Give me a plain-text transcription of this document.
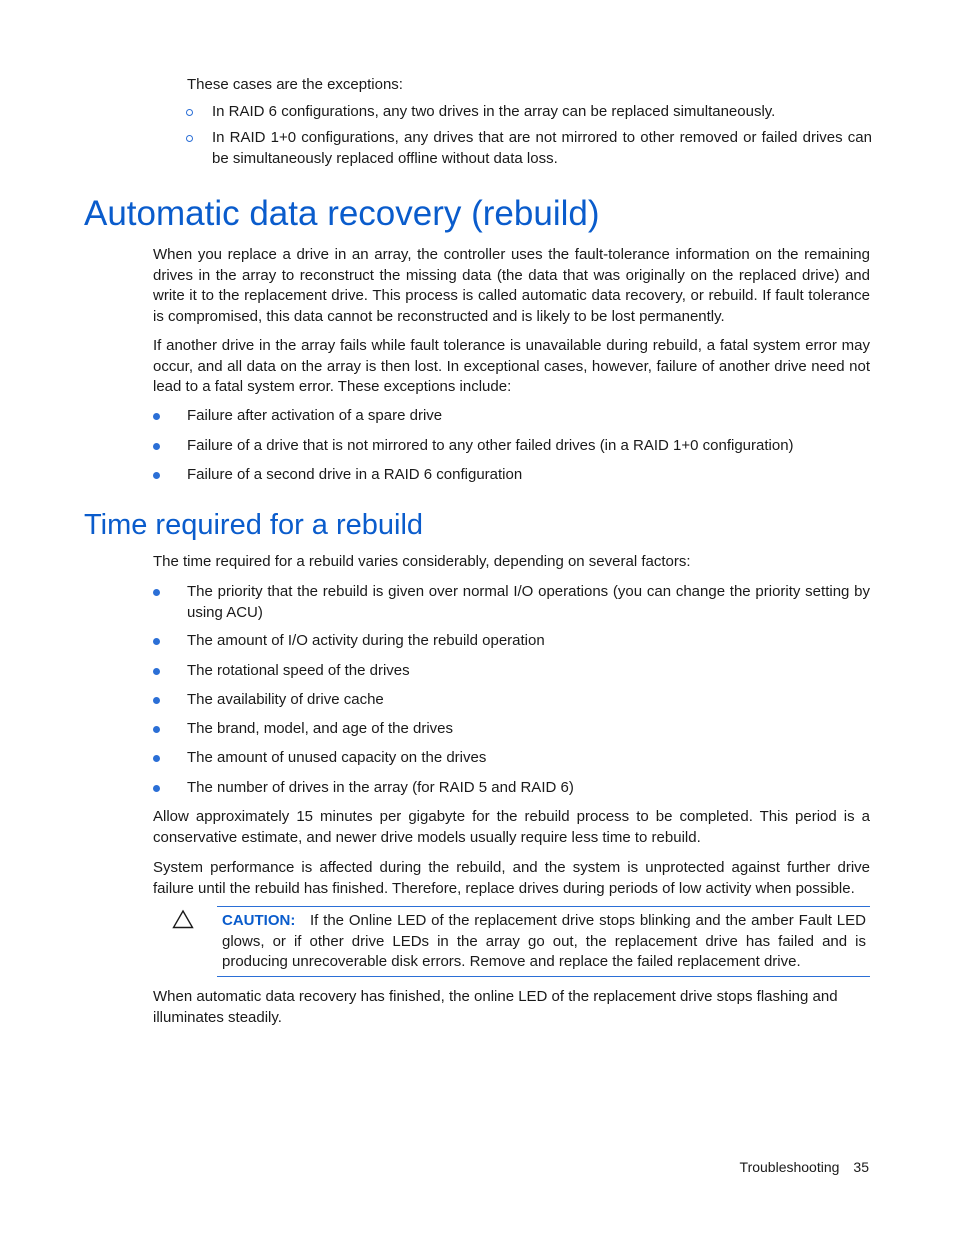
These cases are the exceptions:
In RAID 6 configurations, any two drives in the array can be replaced simultaneously.
In RAID 1+0 configurations, any drives that are not mirrored to other removed or failed drives can be simultaneously replaced offline without data loss.
Automatic data recovery (rebuild)
When you replace a drive in an array, the controller uses the fault-tolerance information on the remaining drives in the array to reconstruct the missing data (the data that was originally on the replaced drive) and write it to the replacement drive. This process is called automatic data recovery, or rebuild. If fault tolerance is compromised, this data cannot be reconstructed and is likely to be lost permanently.
If another drive in the array fails while fault tolerance is unavailable during rebuild, a fatal system error may occur, and all data on the array is then lost. In exceptional cases, however, failure of another drive need not lead to a fatal system error. These exceptions include:
Failure after activation of a spare drive
Failure of a drive that is not mirrored to any other failed drives (in a RAID 1+0 configuration)
Failure of a second drive in a RAID 6 configuration
Time required for a rebuild
The time required for a rebuild varies considerably, depending on several factors:
The priority that the rebuild is given over normal I/O operations (you can change the priority setting by using ACU)
The amount of I/O activity during the rebuild operation
The rotational speed of the drives
The availability of drive cache
The brand, model, and age of the drives
The amount of unused capacity on the drives
The number of drives in the array (for RAID 5 and RAID 6)
Allow approximately 15 minutes per gigabyte for the rebuild process to be completed. This period is a conservative estimate, and newer drive models usually require less time to rebuild.
System performance is affected during the rebuild, and the system is unprotected against further drive failure until the rebuild has finished. Therefore, replace drives during periods of low activity when possible.
CAUTION: If the Online LED of the replacement drive stops blinking and the amber Fault LED glows, or if other drive LEDs in the array go out, the replacement drive has failed and is producing unrecoverable disk errors. Remove and replace the failed replacement drive.
When automatic data recovery has finished, the online LED of the replacement drive stops flashing and illuminates steadily.
Troubleshooting 35
